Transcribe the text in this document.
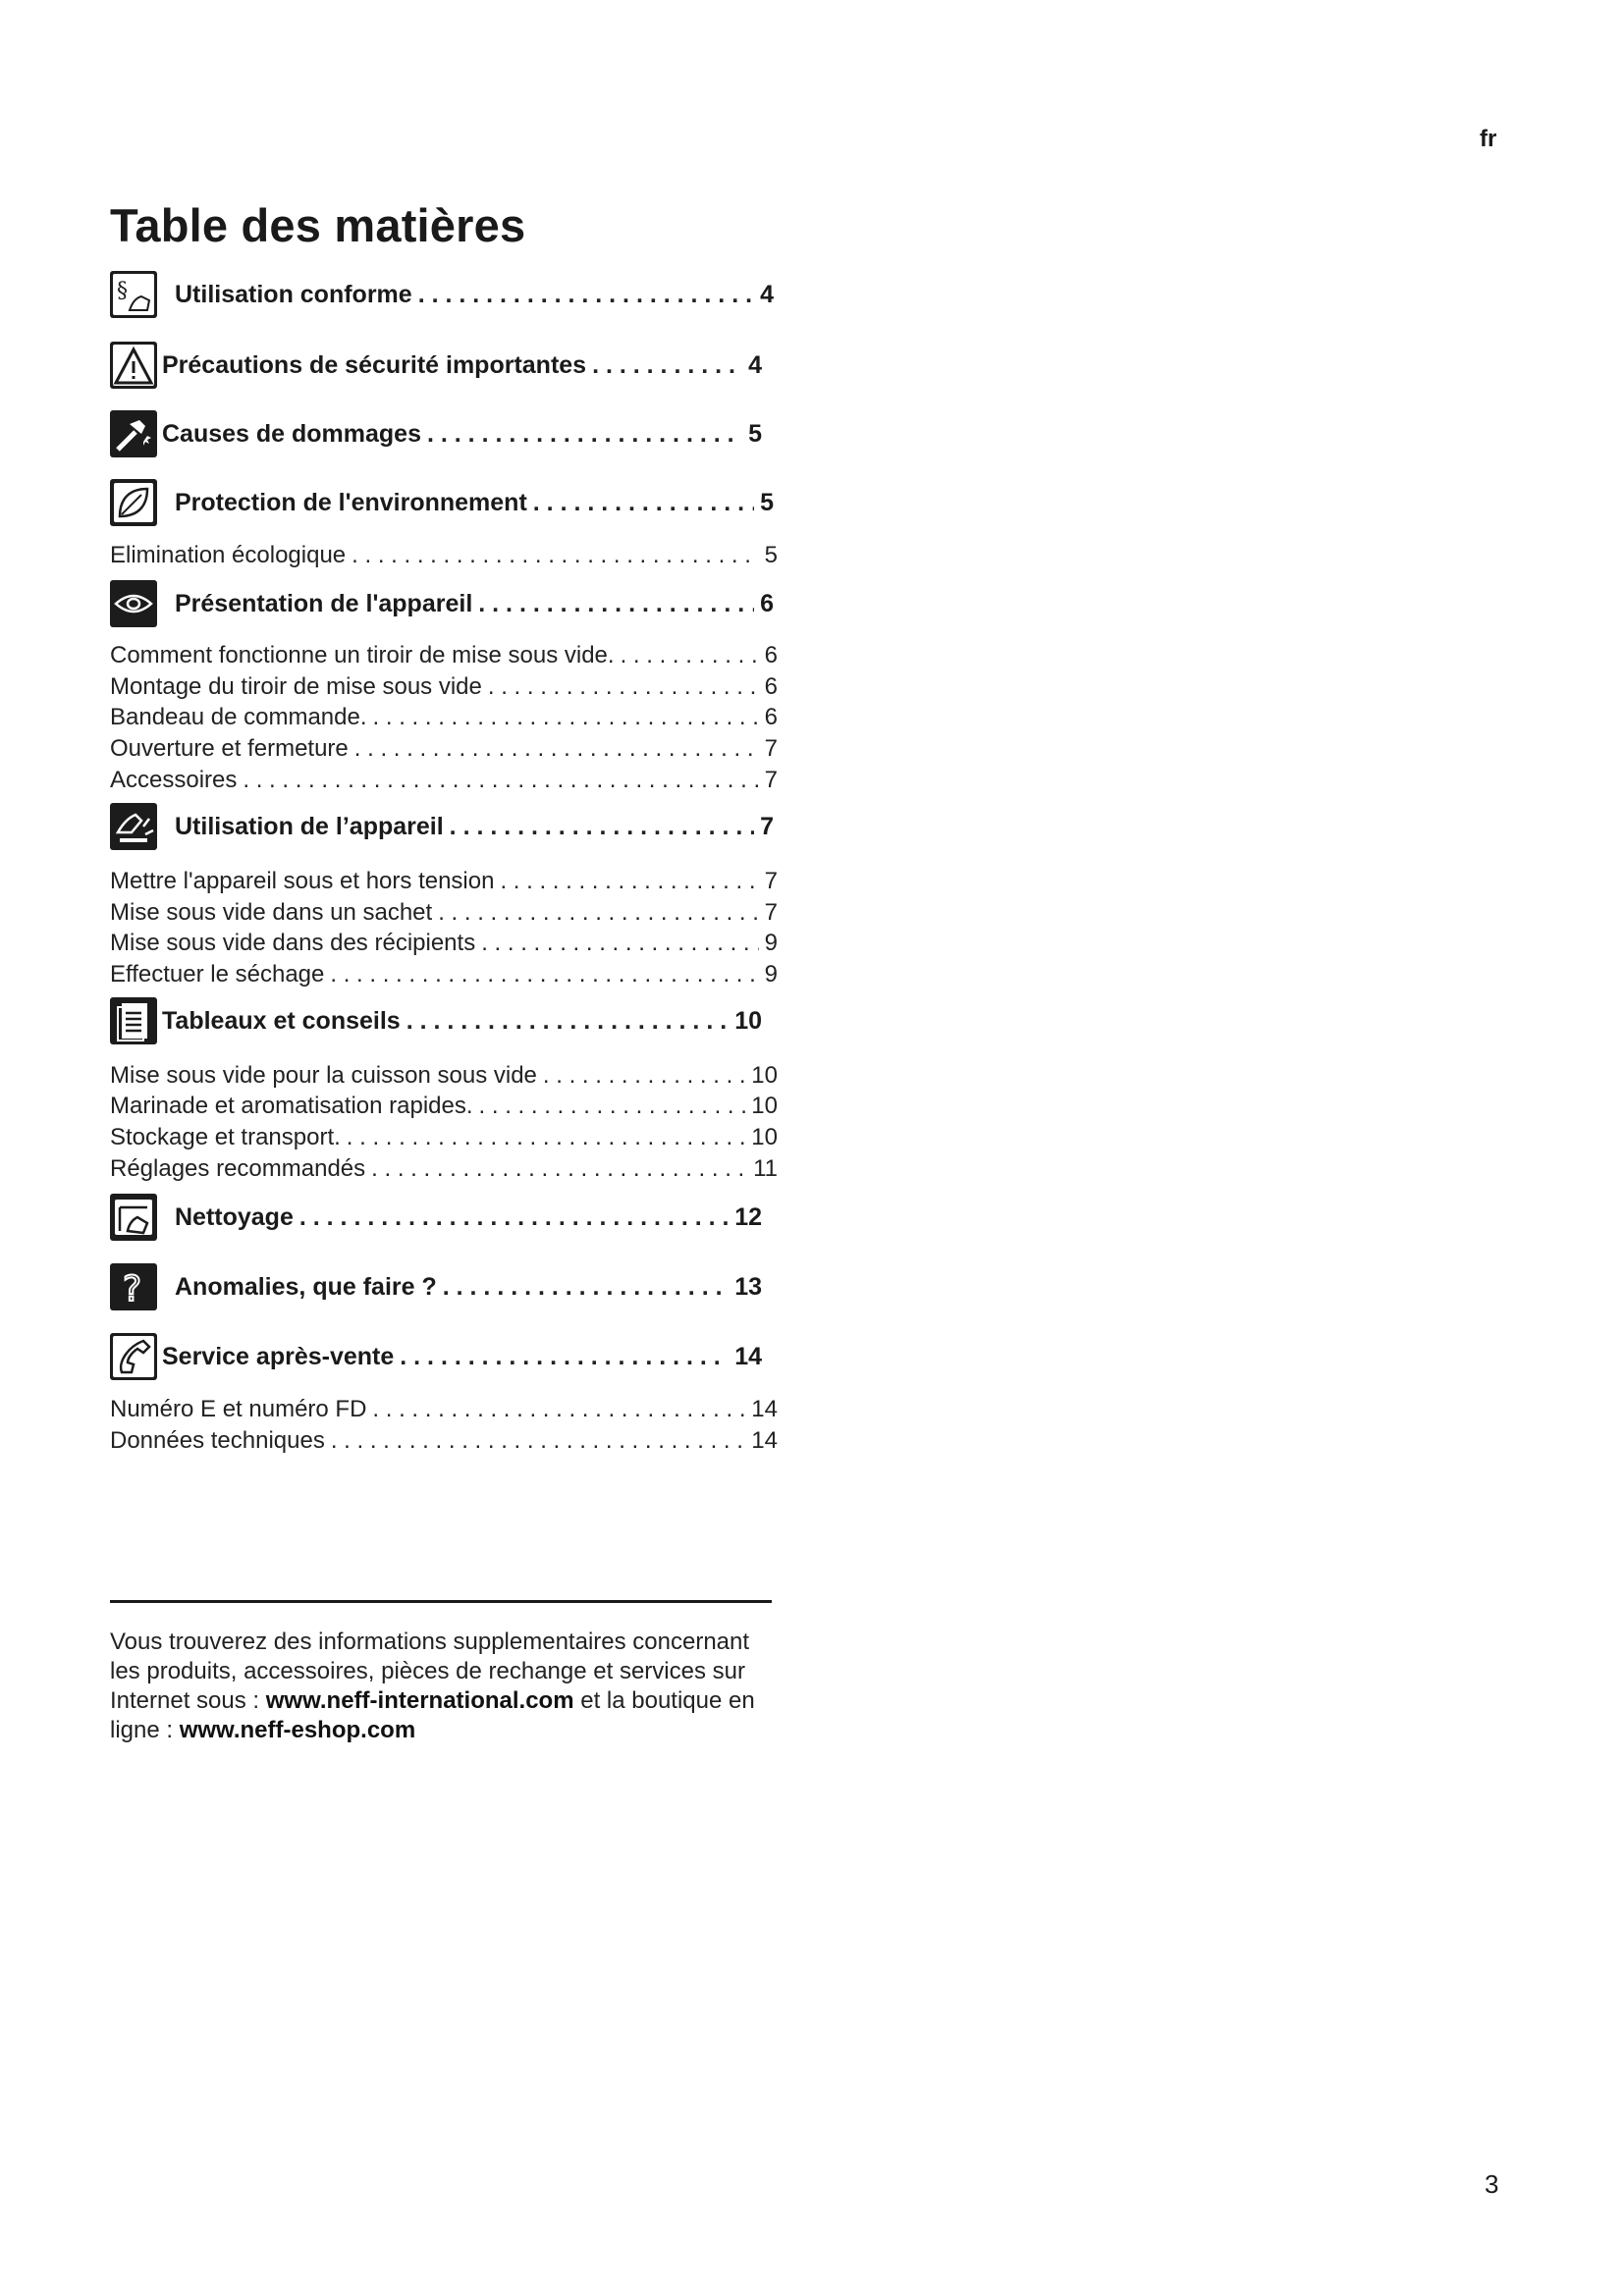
fr

Table des matières
§ Utilisation conforme . . .	4
Précautions de sécurité importantes . . .	4
Causes de dommages . . .	5
Protection de l'environnement . . .	5
Elimination écologique . . .	5
Présentation de l'appareil . . .	6
Comment fonctionne un tiroir de mise sous vide. . . .	6
Montage du tiroir de mise sous vide . . .	6
Bandeau de commande. . . .	6
Ouverture et fermeture . . .	7
Accessoires . . .	7
Utilisation de l’appareil . . .	7
Mettre l'appareil sous et hors tension . . .	7
Mise sous vide dans un sachet . . .	7
Mise sous vide dans des récipients . . .	9
Effectuer le séchage . . .	9
Tableaux et conseils . . .	10
Mise sous vide pour la cuisson sous vide . . .	10
Marinade et aromatisation rapides. . . .	10
Stockage et transport. . . .	10
Réglages recommandés . . .	11
Nettoyage . . .	12
? Anomalies, que faire ? . . .	13
Service après-vente . . .	14
Numéro E et numéro FD . . .	14
Données techniques . . .	14

Vous trouverez des informations supplementaires concernant les produits, accessoires, pièces de rechange et services sur Internet sous : www.neff-international.com et la boutique en ligne : www.neff-eshop.com

3
